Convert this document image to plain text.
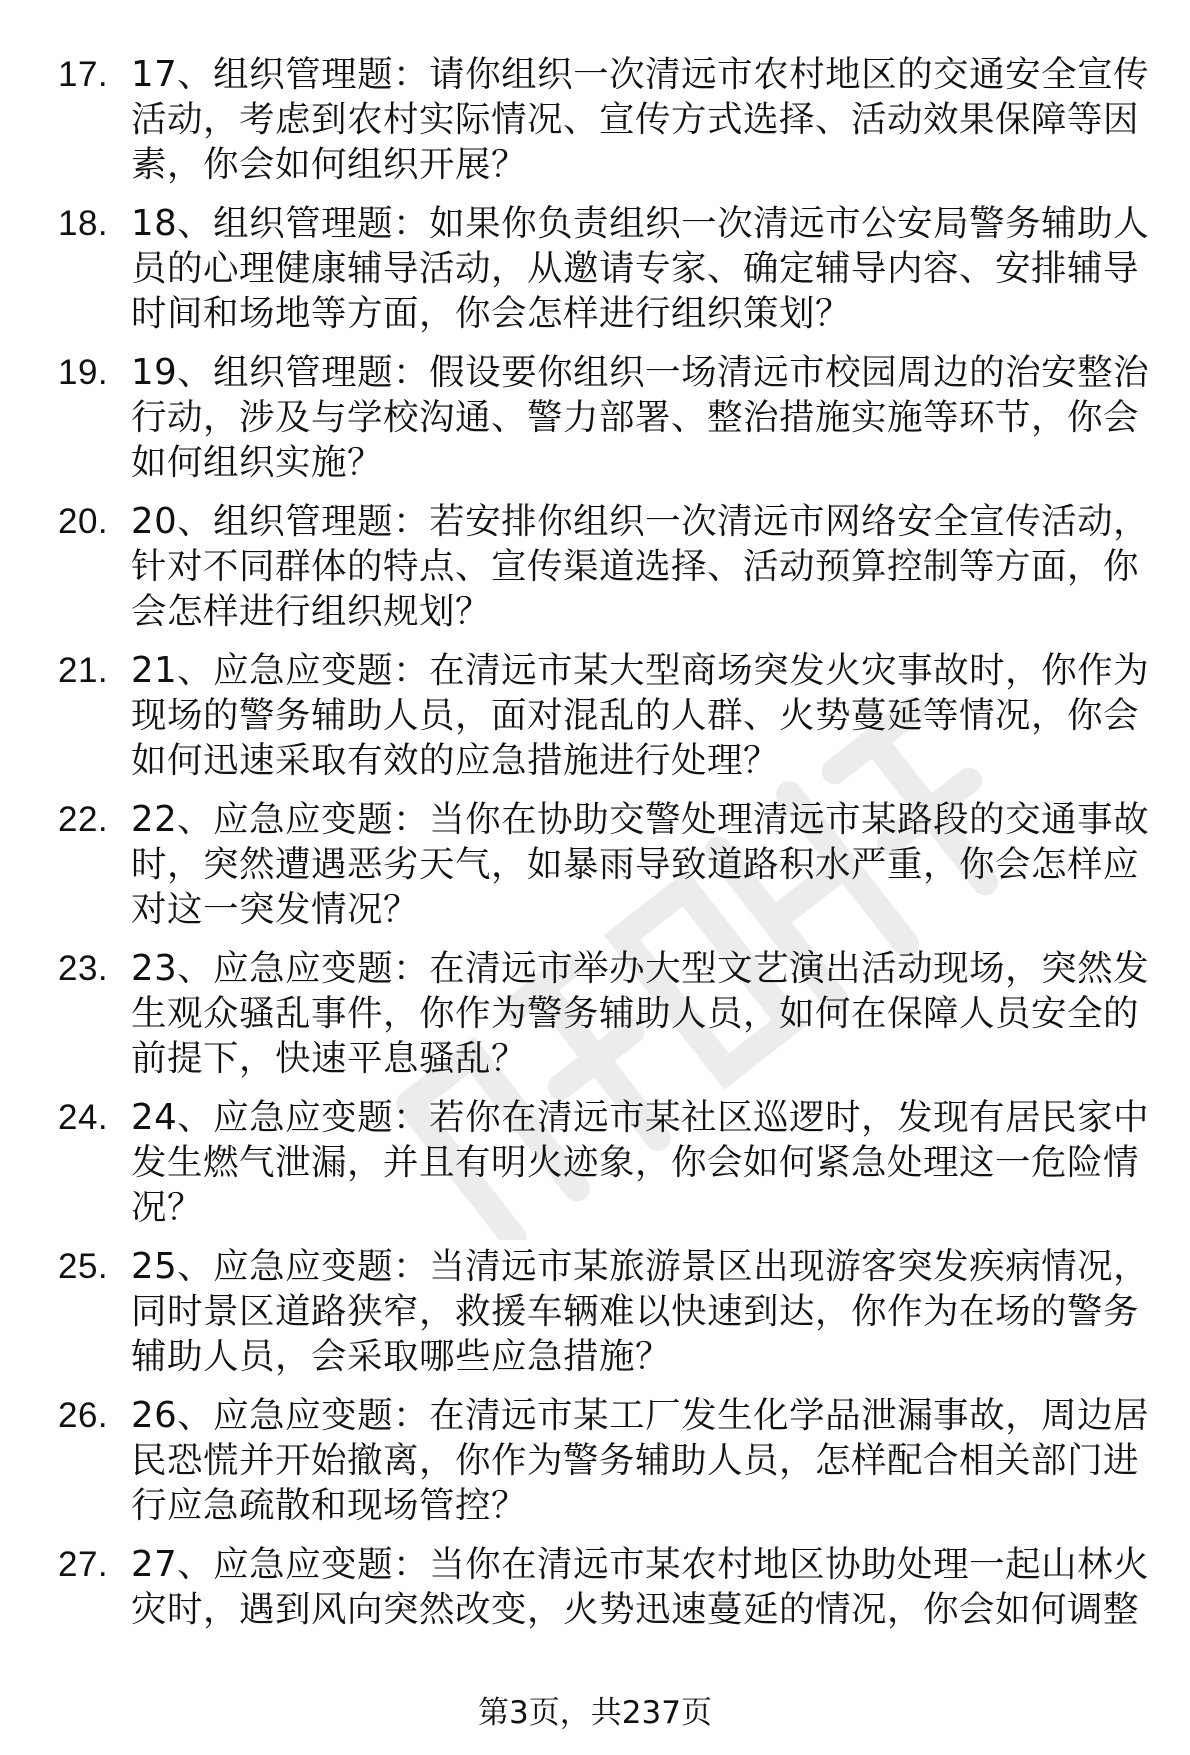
17. 17、组织管理题：请你组织一次清远市农村地区的交通安全宣传活动，考虑到农村实际情况、宣传方式选择、活动效果保障等因素，你会如何组织开展？
18. 18、组织管理题：如果你负责组织一次清远市公安局警务辅助人员的心理健康辅导活动，从邀请专家、确定辅导内容、安排辅导时间和场地等方面，你会怎样进行组织策划？
19. 19、组织管理题：假设要你组织一场清远市校园周边的治安整治行动，涉及与学校沟通、警力部署、整治措施实施等环节，你会如何组织实施？
20. 20、组织管理题：若安排你组织一次清远市网络安全宣传活动，针对不同群体的特点、宣传渠道选择、活动预算控制等方面，你会怎样进行组织规划？
21. 21、应急应变题：在清远市某大型商场突发火灾事故时，你作为现场的警务辅助人员，面对混乱的人群、火势蔓延等情况，你会如何迅速采取有效的应急措施进行处理？
22. 22、应急应变题：当你在协助交警处理清远市某路段的交通事故时，突然遭遇恶劣天气，如暴雨导致道路积水严重，你会怎样应对这一突发情况？
23. 23、应急应变题：在清远市举办大型文艺演出活动现场，突然发生观众骚乱事件，你作为警务辅助人员，如何在保障人员安全的前提下，快速平息骚乱？
24. 24、应急应变题：若你在清远市某社区巡逻时，发现有居民家中发生燃气泄漏，并且有明火迹象，你会如何紧急处理这一危险情况？
25. 25、应急应变题：当清远市某旅游景区出现游客突发疾病情况，同时景区道路狭窄，救援车辆难以快速到达，你作为在场的警务辅助人员，会采取哪些应急措施？
26. 26、应急应变题：在清远市某工厂发生化学品泄漏事故，周边居民恐慌并开始撤离，你作为警务辅助人员，怎样配合相关部门进行应急疏散和现场管控？
27. 27、应急应变题：当你在清远市某农村地区协助处理一起山林火灾时，遇到风向突然改变，火势迅速蔓延的情况，你会如何调整
第3页，共237页
